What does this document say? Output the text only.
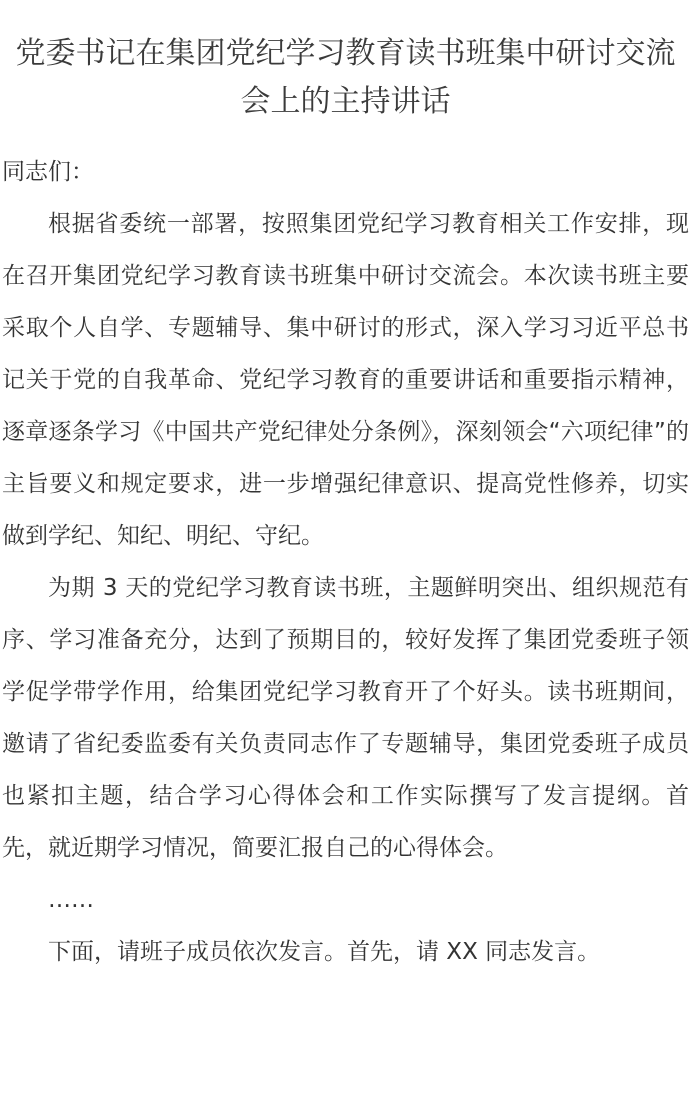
党委书记在集团党纪学习教育读书班集中研讨交流会上的主持讲话

同志们：

根据省委统一部署，按照集团党纪学习教育相关工作安排，现在召开集团党纪学习教育读书班集中研讨交流会。本次读书班主要采取个人自学、专题辅导、集中研讨的形式，深入学习习近平总书记关于党的自我革命、党纪学习教育的重要讲话和重要指示精神，逐章逐条学习《中国共产党纪律处分条例》，深刻领会“六项纪律”的主旨要义和规定要求，进一步增强纪律意识、提高党性修养，切实做到学纪、知纪、明纪、守纪。

为期 3 天的党纪学习教育读书班，主题鲜明突出、组织规范有序、学习准备充分，达到了预期目的，较好发挥了集团党委班子领学促学带学作用，给集团党纪学习教育开了个好头。读书班期间，邀请了省纪委监委有关负责同志作了专题辅导，集团党委班子成员也紧扣主题，结合学习心得体会和工作实际撰写了发言提纲。首先，就近期学习情况，简要汇报自己的心得体会。

……

下面，请班子成员依次发言。首先，请 XX 同志发言。
